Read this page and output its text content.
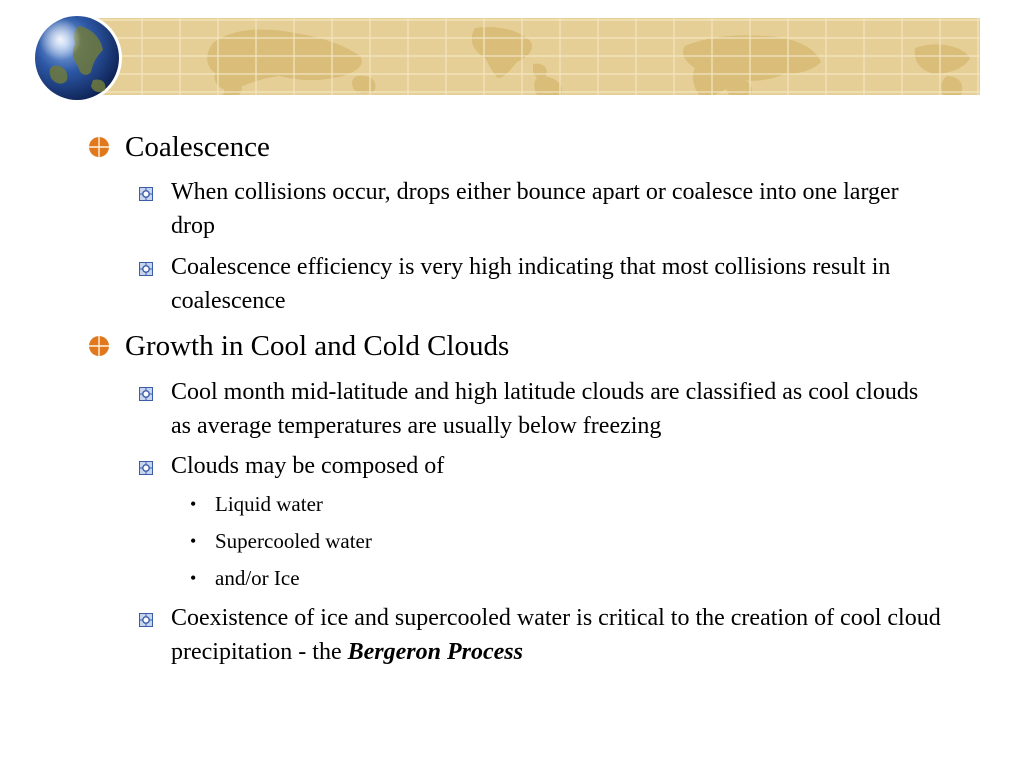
Coalescence
When collisions occur, drops either bounce apart or coalesce into one larger drop
Coalescence efficiency is very high indicating that most collisions result in coalescence
Growth in Cool and Cold Clouds
Cool month mid-latitude and high latitude clouds are classified as cool clouds as average temperatures are usually below freezing
Clouds may be composed of
• Liquid water
• Supercooled water
• and/or Ice
Coexistence of ice and supercooled water is critical to the creation of cool cloud precipitation - the Bergeron Process
